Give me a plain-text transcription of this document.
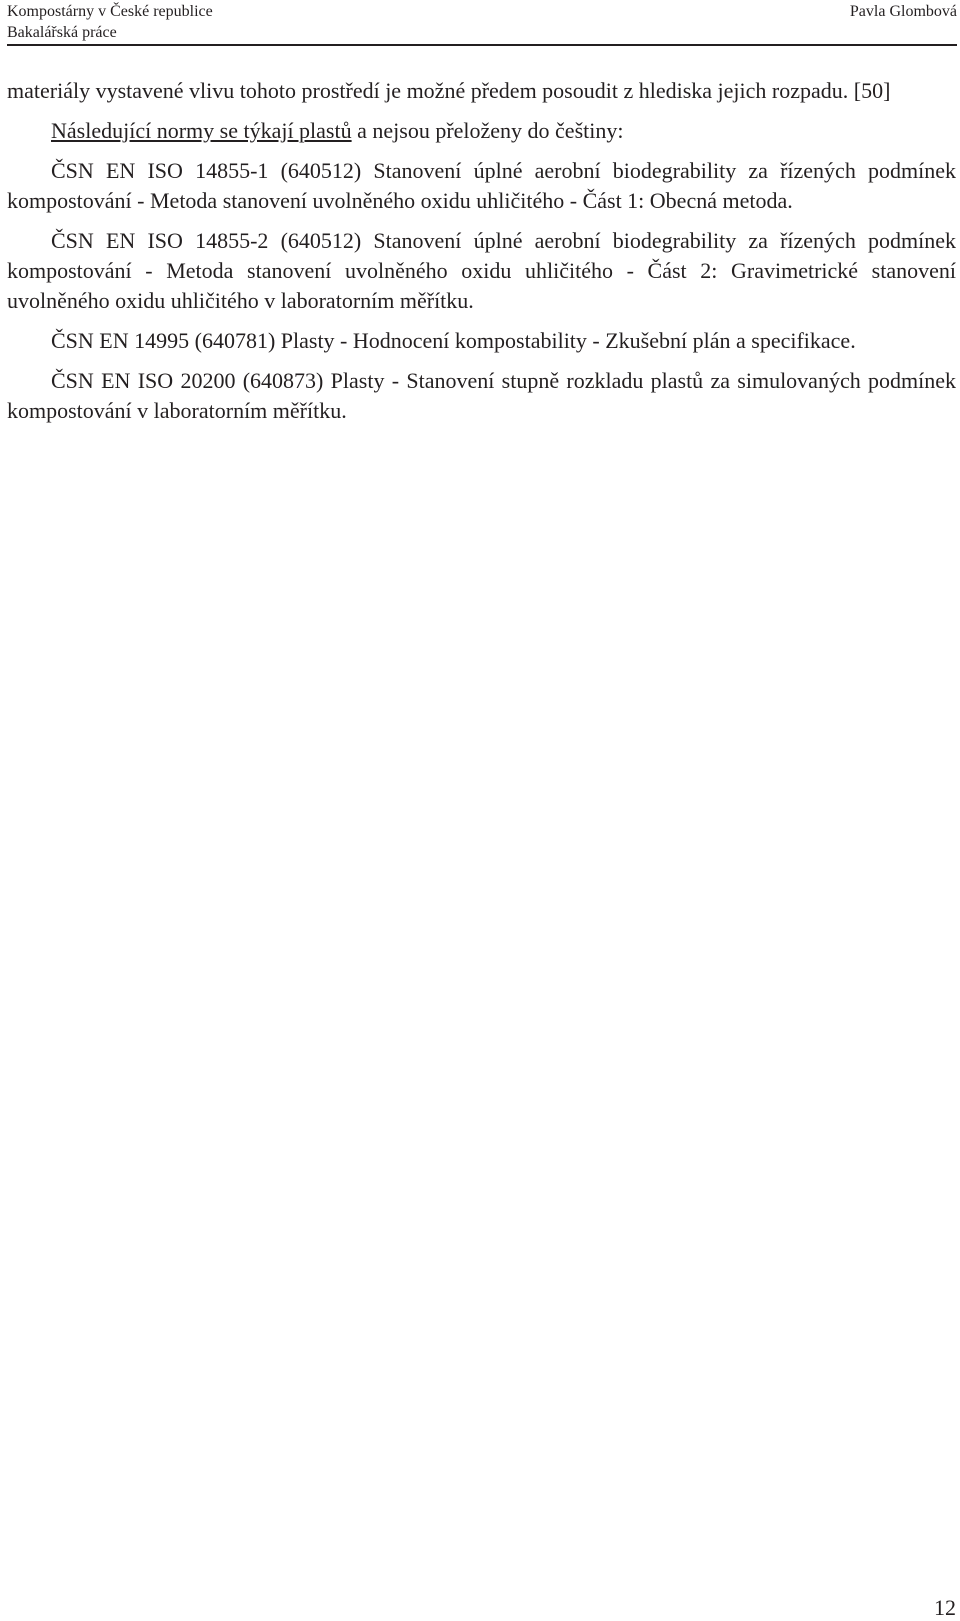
Kompostárny v České republice
Bakalářská práce
Pavla Glombová

materiály vystavené vlivu tohoto prostředí je možné předem posoudit z hlediska jejich rozpadu. [50]

Následující normy se týkají plastů a nejsou přeloženy do češtiny:

ČSN EN ISO 14855-1 (640512) Stanovení úplné aerobní biodegrability za řízených podmínek kompostování - Metoda stanovení uvolněného oxidu uhličitého - Část 1: Obecná metoda.

ČSN EN ISO 14855-2 (640512) Stanovení úplné aerobní biodegrability za řízených podmínek kompostování - Metoda stanovení uvolněného oxidu uhličitého - Část 2: Gravimetrické stanovení uvolněného oxidu uhličitého v laboratorním měřítku.

ČSN EN 14995 (640781) Plasty - Hodnocení kompostability - Zkušební plán a specifikace.

ČSN EN ISO 20200 (640873) Plasty - Stanovení stupně rozkladu plastů za simulovaných podmínek kompostování v laboratorním měřítku.

12
